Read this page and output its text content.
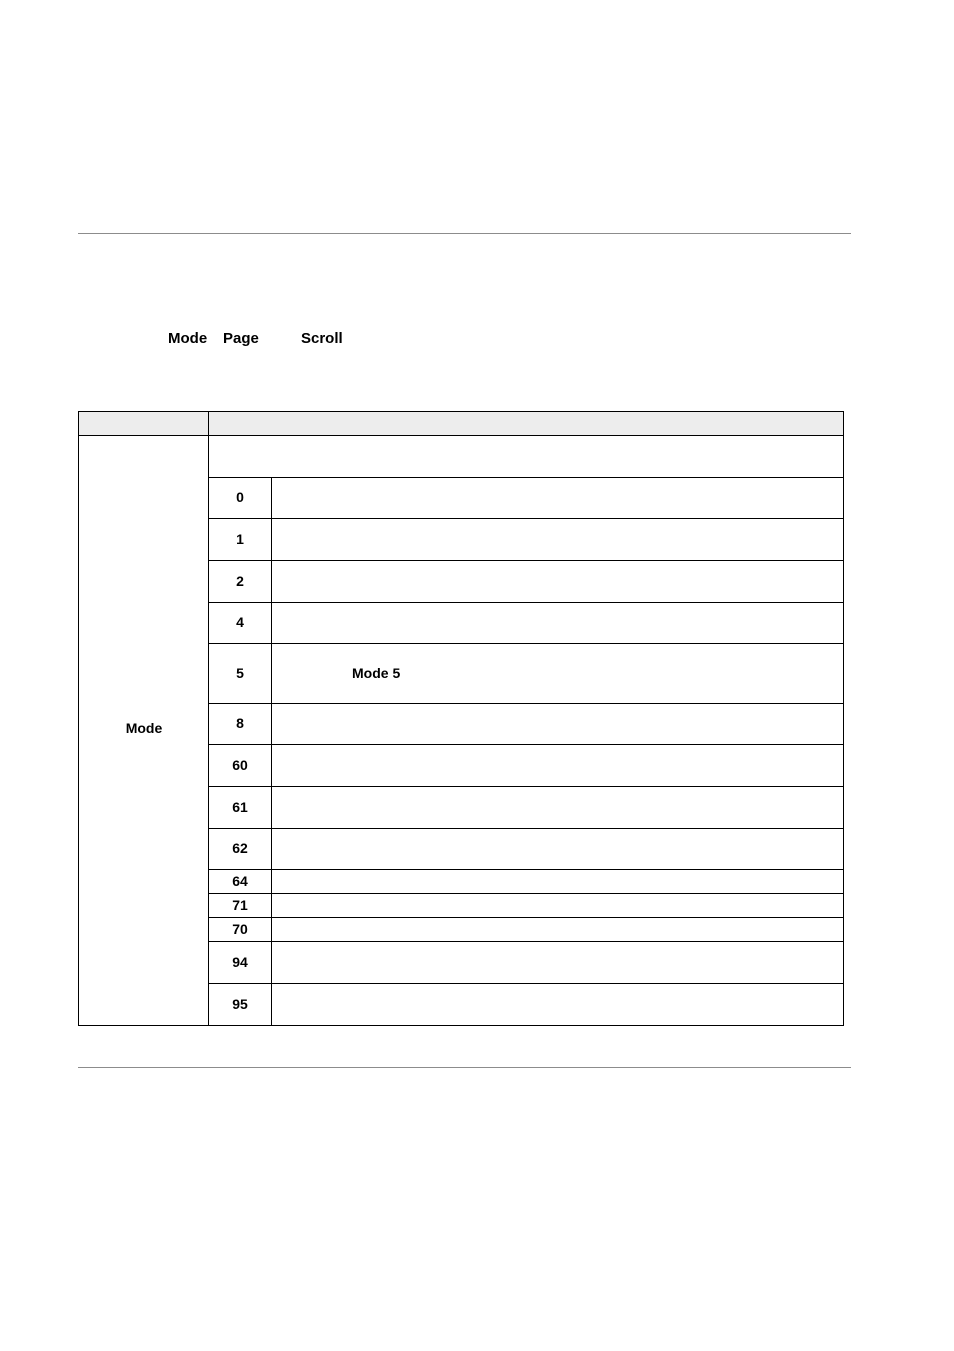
Mode Page	Scroll
Mode
0
1
2
4
5
8
60
61
62
64
71
70
94
95
Mode 5
